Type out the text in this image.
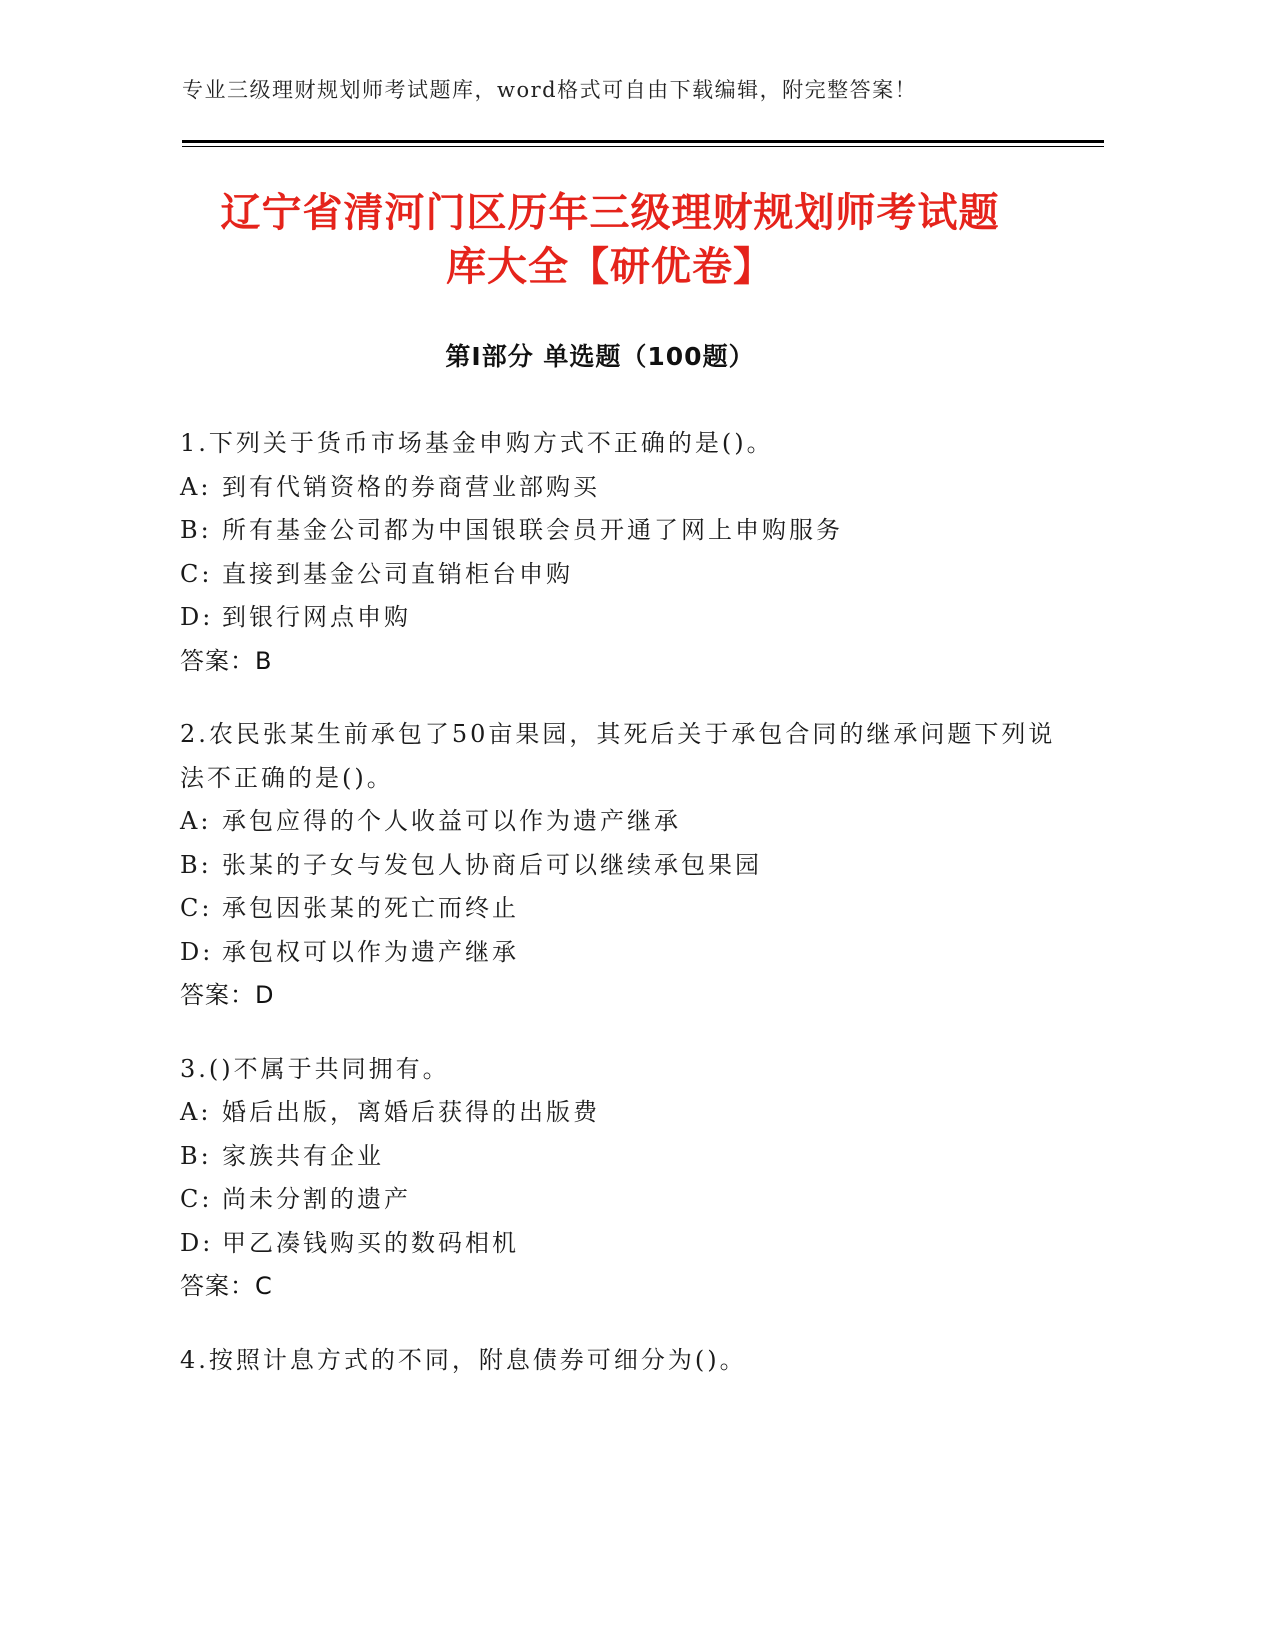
专业三级理财规划师考试题库，word格式可自由下载编辑，附完整答案！
辽宁省清河门区历年三级理财规划师考试题
库大全【研优卷】
第Ⅰ部分 单选题（100题）
1.下列关于货币市场基金申购方式不正确的是()。
A: 到有代销资格的券商营业部购买
B: 所有基金公司都为中国银联会员开通了网上申购服务
C: 直接到基金公司直销柜台申购
D: 到银行网点申购
答案：B
2.农民张某生前承包了50亩果园，其死后关于承包合同的继承问题下列说法不正确的是()。
A: 承包应得的个人收益可以作为遗产继承
B: 张某的子女与发包人协商后可以继续承包果园
C: 承包因张某的死亡而终止
D: 承包权可以作为遗产继承
答案：D
3.()不属于共同拥有。
A: 婚后出版，离婚后获得的出版费
B: 家族共有企业
C: 尚未分割的遗产
D: 甲乙凑钱购买的数码相机
答案：C
4.按照计息方式的不同，附息债券可细分为()。
